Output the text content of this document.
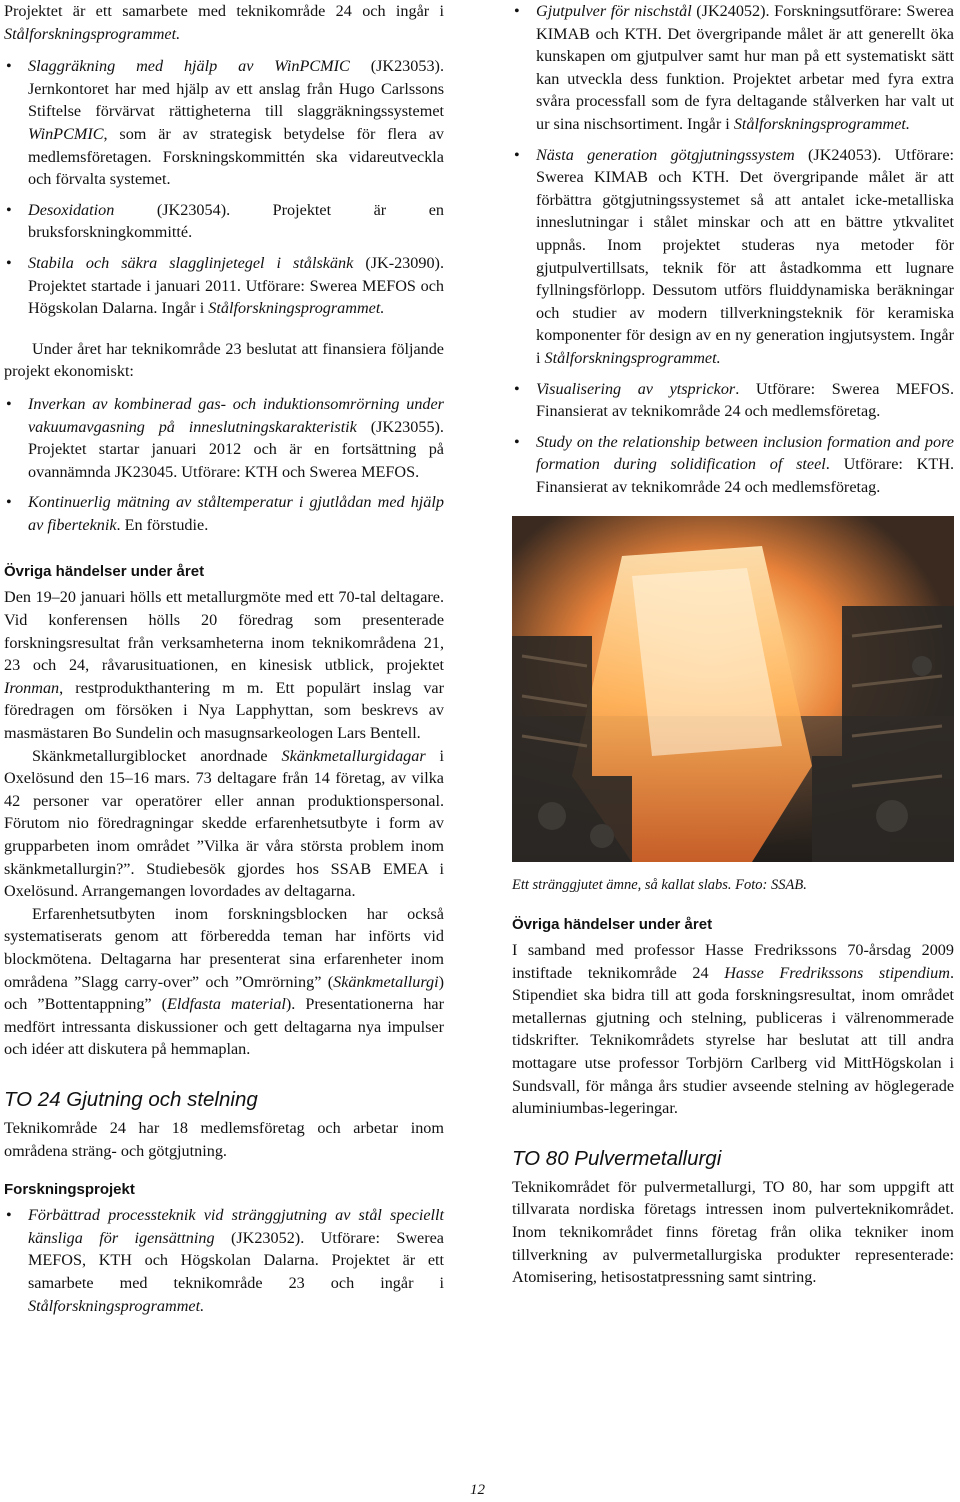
Projektet är ett samarbete med teknikområde 24 och ingår i Stålforskningsprogrammet.

• Slaggräkning med hjälp av WinPCMIC (JK23053). Jernkontoret har med hjälp av ett anslag från Hugo Carlssons Stiftelse förvärvat rättigheterna till slaggräkningssystemet WinPCMIC, som är av strategisk betydelse för flera av medlemsföretagen. Forskningskommittén ska vidareutveckla och förvalta systemet.
• Desoxidation (JK23054). Projektet är en bruksforskningkommitté.
• Stabila och säkra slagglinjetegel i stålskänk (JK-23090). Projektet startade i januari 2011. Utförare: Swerea MEFOS och Högskolan Dalarna. Ingår i Stålforskningsprogrammet.

Under året har teknikområde 23 beslutat att finansiera följande projekt ekonomiskt:

• Inverkan av kombinerad gas- och induktionsomrörning under vakuumavgasning på inneslutningskarakteristik (JK23055). Projektet startar januari 2012 och är en fortsättning på ovannämnda JK23045. Utförare: KTH och Swerea MEFOS.
• Kontinuerlig mätning av ståltemperatur i gjutlådan med hjälp av fiberteknik. En förstudie.
Övriga händelser under året

Den 19–20 januari hölls ett metallurgmöte med ett 70-tal deltagare. Vid konferensen hölls 20 föredrag som presenterade forskningsresultat från verksamheterna inom teknikområdena 21, 23 och 24, råvarusituationen, en kinesisk utblick, projektet Ironman, restprodukthantering m m. Ett populärt inslag var föredragen om försöken i Nya Lapphyttan, som beskrevs av masmästaren Bo Sundelin och masugnsarkeologen Lars Bentell.

Skänkmetallurgiblocket anordnade Skänkmetallurgidagar i Oxelösund den 15–16 mars. 73 deltagare från 14 företag, av vilka 42 personer var operatörer eller annan produktionspersonal. Förutom nio föredragningar skedde erfarenhetsutbyte i form av grupparbeten inom området ”Vilka är våra största problem inom skänkmetallurgin?”. Studiebesök gjordes hos SSAB EMEA i Oxelösund. Arrangemangen lovordades av deltagarna.

Erfarenhetsutbyten inom forskningsblocken har också systematiserats genom att förberedda teman har införts vid blockmötena. Deltagarna har presenterat sina erfarenheter inom områdena ”Slagg carry-over” och ”Omrörning” (Skänkmetallurgi) och ”Bottentappning” (Eldfasta material). Presentationerna har medfört intressanta diskussioner och gett deltagarna nya impulser och idéer att diskutera på hemmaplan.

TO 24 Gjutning och stelning

Teknikområde 24 har 18 medlemsföretag och arbetar inom områdena sträng- och götgjutning.

Forskningsprojekt
• Förbättrad processteknik vid stränggjutning av stål speciellt känsliga för igensättning (JK23052). Utförare: Swerea MEFOS, KTH och Högskolan Dalarna. Projektet är ett samarbete med teknikområde 23 och ingår i Stålforskningsprogrammet.
• Gjutpulver för nischstål (JK24052). Forskningsutförare: Swerea KIMAB och KTH. Det övergripande målet är att generellt öka kunskapen om gjutpulver samt hur man på ett systematiskt sätt kan utveckla dess funktion. Projektet arbetar med fyra extra svåra processfall som de fyra deltagande stålverken har valt ut ur sina nischsortiment. Ingår i Stålforskningsprogrammet.
• Nästa generation götgjutningssystem (JK24053). Utförare: Swerea KIMAB och KTH. Det övergripande målet är att förbättra götgjutningssystemet så att antalet icke-metalliska inneslutningar i stålet minskar och att en bättre ytkvalitet uppnås. Inom projektet studeras nya metoder för gjutpulvertillsats, teknik för att åstadkomma ett lugnare fyllningsförlopp. Dessutom utförs fluiddynamiska beräkningar och studier av modern tillverkningsteknik för keramiska komponenter för design av en ny generation ingjutsystem. Ingår i Stålforskningsprogrammet.
• Visualisering av ytsprickor. Utförare: Swerea MEFOS. Finansierat av teknikområde 24 och medlemsföretag.
• Study on the relationship between inclusion formation and pore formation during solidification of steel. Utförare: KTH. Finansierat av teknikområde 24 och medlemsföretag.

Ett stränggjutet ämne, så kallat slabs. Foto: SSAB.

Övriga händelser under året

I samband med professor Hasse Fredrikssons 70-årsdag 2009 instiftade teknikområde 24 Hasse Fredrikssons stipendium. Stipendiet ska bidra till att goda forskningsresultat, inom området metallernas gjutning och stelning, publiceras i välrenommerade tidskrifter. Teknikområdets styrelse har beslutat att till andra mottagare utse professor Torbjörn Carlberg vid MittHögskolan i Sundsvall, för många års studier avseende stelning av höglegerade aluminiumbas-legeringar.

TO 80 Pulvermetallurgi

Teknikområdet för pulvermetallurgi, TO 80, har som uppgift att tillvarata nordiska företags intressen inom pulverteknikområdet. Inom teknikområdet finns företag från olika tekniker inom tillverkning av pulvermetallurgiska produkter representerade: Atomisering, hetisostatpressning samt sintring.

12
